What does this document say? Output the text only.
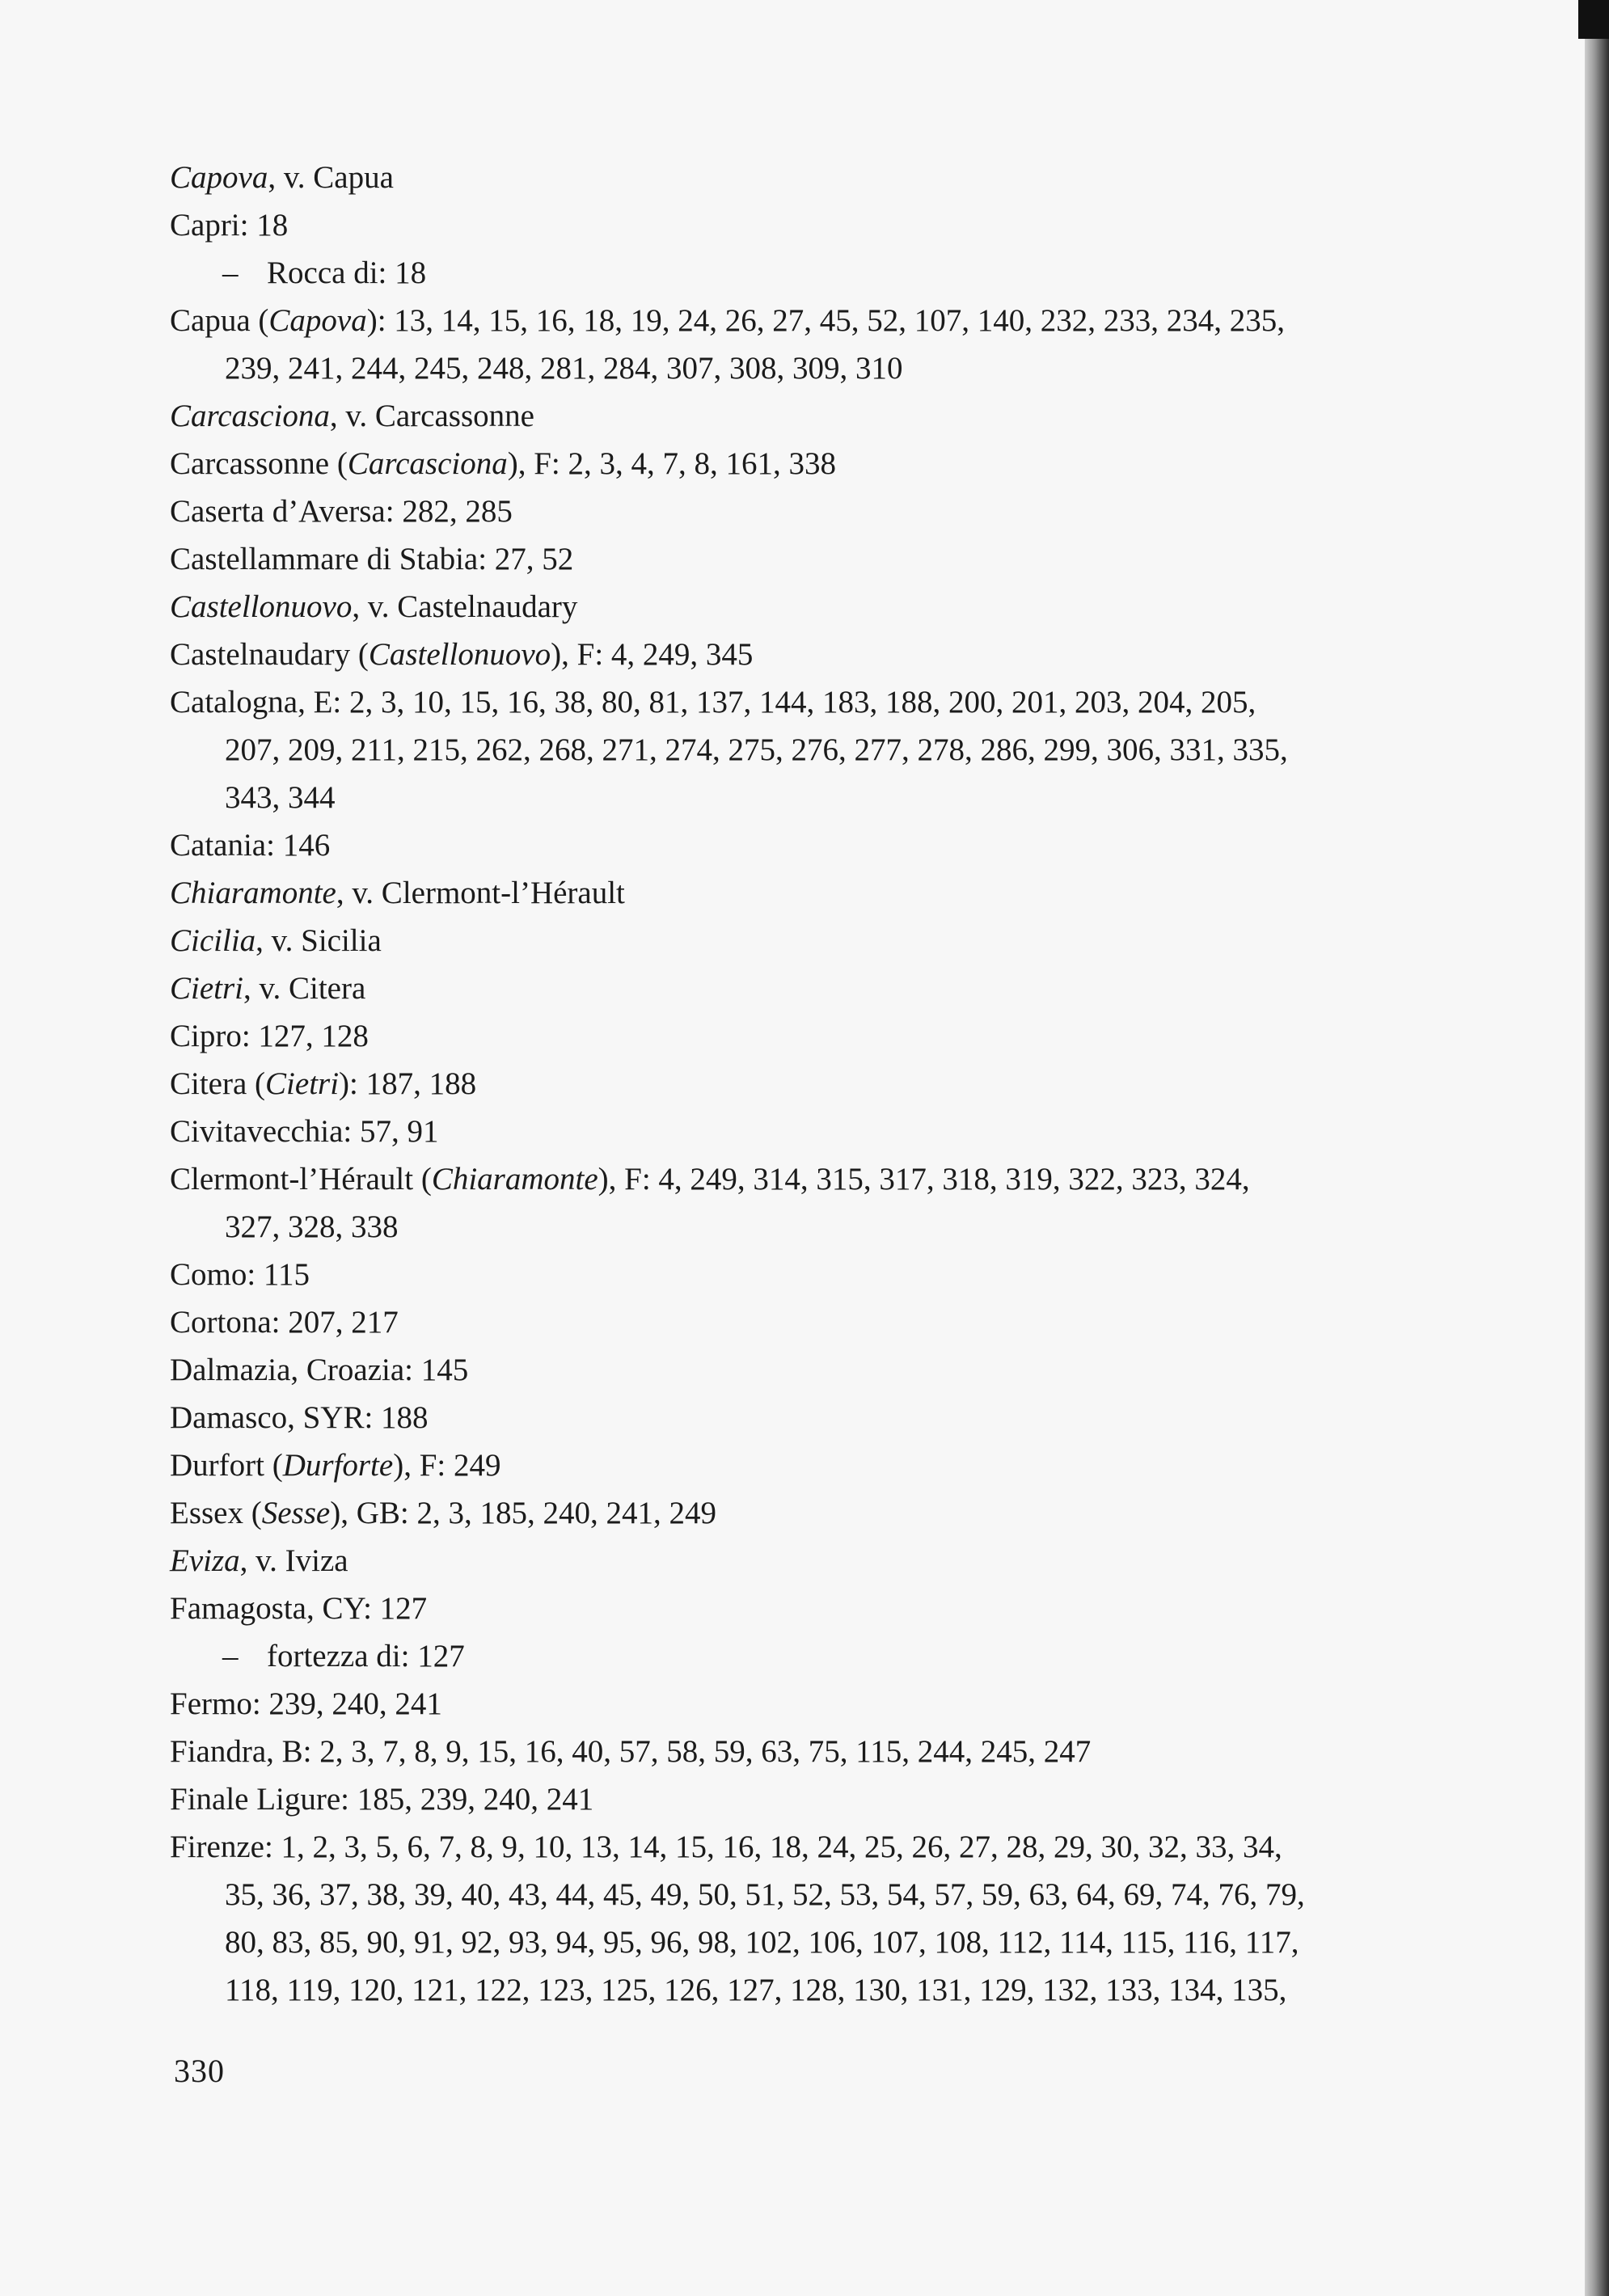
Capova, v. Capua
Capri: 18
– Rocca di: 18
Capua (Capova): 13, 14, 15, 16, 18, 19, 24, 26, 27, 45, 52, 107, 140, 232, 233, 234, 235,
239, 241, 244, 245, 248, 281, 284, 307, 308, 309, 310
Carcasciona, v. Carcassonne
Carcassonne (Carcasciona), F: 2, 3, 4, 7, 8, 161, 338
Caserta d’Aversa: 282, 285
Castellammare di Stabia: 27, 52
Castellonuovo, v. Castelnaudary
Castelnaudary (Castellonuovo), F: 4, 249, 345
Catalogna, E: 2, 3, 10, 15, 16, 38, 80, 81, 137, 144, 183, 188, 200, 201, 203, 204, 205,
207, 209, 211, 215, 262, 268, 271, 274, 275, 276, 277, 278, 286, 299, 306, 331, 335,
343, 344
Catania: 146
Chiaramonte, v. Clermont-l’Hérault
Cicilia, v. Sicilia
Cietri, v. Citera
Cipro: 127, 128
Citera (Cietri): 187, 188
Civitavecchia: 57, 91
Clermont-l’Hérault (Chiaramonte), F: 4, 249, 314, 315, 317, 318, 319, 322, 323, 324,
327, 328, 338
Como: 115
Cortona: 207, 217
Dalmazia, Croazia: 145
Damasco, SYR: 188
Durfort (Durforte), F: 249
Essex (Sesse), GB: 2, 3, 185, 240, 241, 249
Eviza, v. Iviza
Famagosta, CY: 127
– fortezza di: 127
Fermo: 239, 240, 241
Fiandra, B: 2, 3, 7, 8, 9, 15, 16, 40, 57, 58, 59, 63, 75, 115, 244, 245, 247
Finale Ligure: 185, 239, 240, 241
Firenze: 1, 2, 3, 5, 6, 7, 8, 9, 10, 13, 14, 15, 16, 18, 24, 25, 26, 27, 28, 29, 30, 32, 33, 34,
35, 36, 37, 38, 39, 40, 43, 44, 45, 49, 50, 51, 52, 53, 54, 57, 59, 63, 64, 69, 74, 76, 79,
80, 83, 85, 90, 91, 92, 93, 94, 95, 96, 98, 102, 106, 107, 108, 112, 114, 115, 116, 117,
118, 119, 120, 121, 122, 123, 125, 126, 127, 128, 130, 131, 129, 132, 133, 134, 135,
330
